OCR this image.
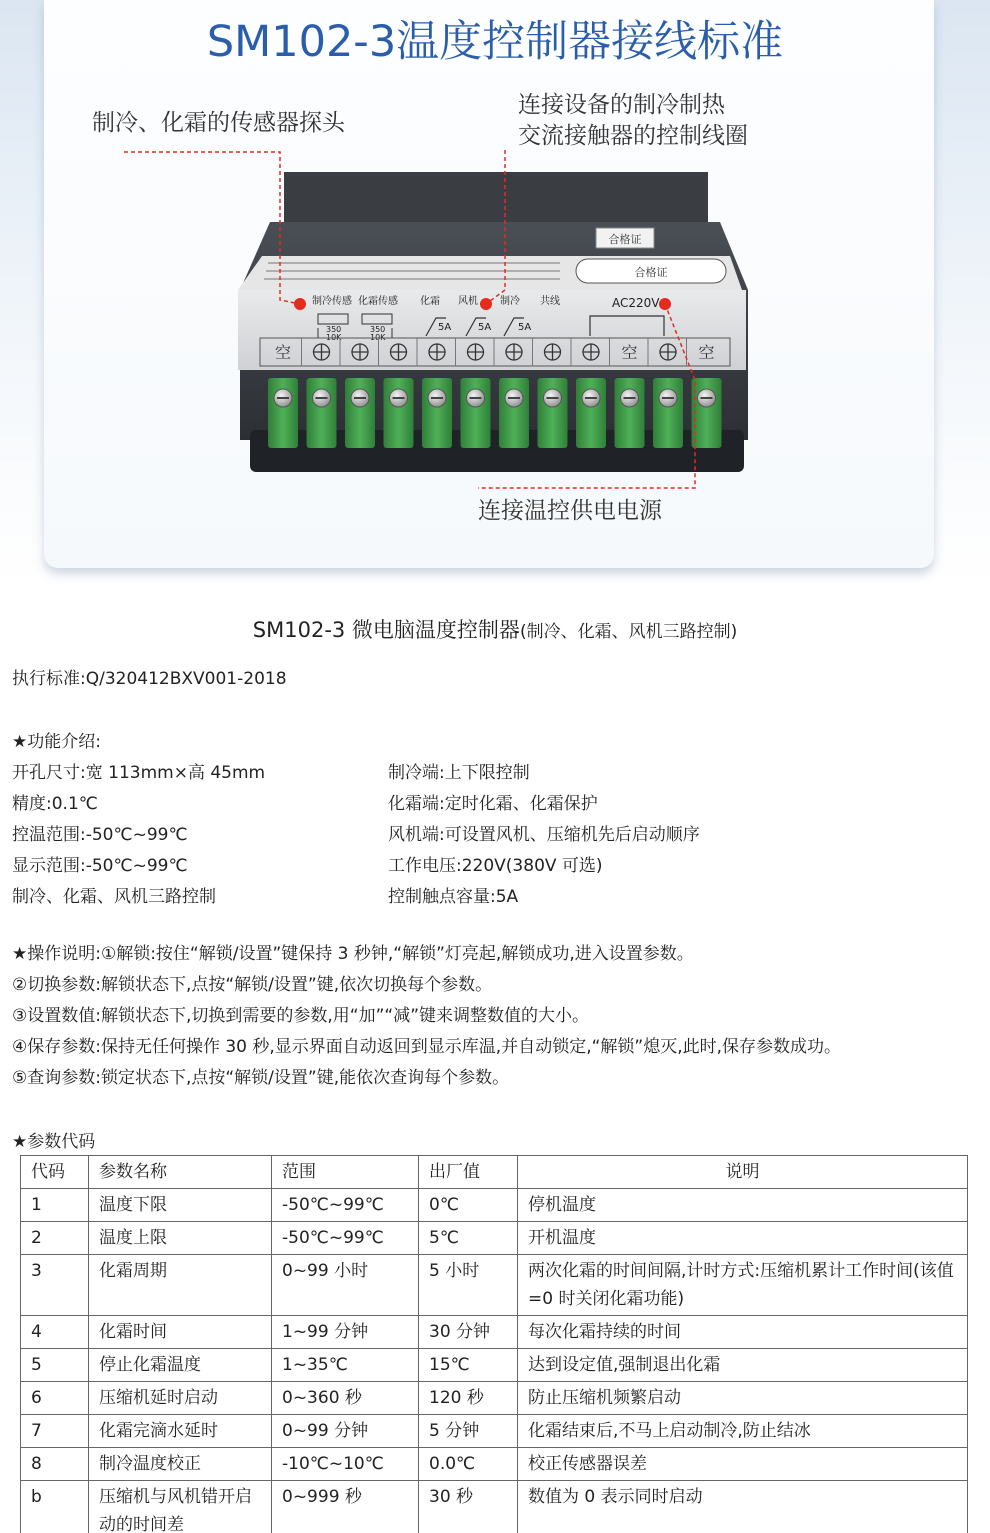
SM102-3温度控制器接线标准
制冷、化霜的传感器探头
连接设备的制冷制热
交流接触器的控制线圈
连接温控供电电源
合格证
合格证
制冷传感 化霜传感 化霜 风机 制冷 共线	AC220V
350
10K
350
10K
5A	5A	5A
空	空	空
SM102-3 微电脑温度控制器(制冷、化霜、风机三路控制)
执行标准:Q/320412BXV001-2018
★功能介绍:
开孔尺寸:宽 113mm×高 45mm
精度:0.1℃
控温范围:-50℃~99℃
显示范围:-50℃~99℃
制冷、化霜、风机三路控制
制冷端:上下限控制
化霜端:定时化霜、化霜保护
风机端:可设置风机、压缩机先后启动顺序
工作电压:220V(380V 可选)
控制触点容量:5A
★操作说明:①解锁:按住“解锁/设置”键保持 3 秒钟,“解锁”灯亮起,解锁成功,进入设置参数。
②切换参数:解锁状态下,点按“解锁/设置”键,依次切换每个参数。
③设置数值:解锁状态下,切换到需要的参数,用“加”“减”键来调整数值的大小。
④保存参数:保持无任何操作 30 秒,显示界面自动返回到显示库温,并自动锁定,“解锁”熄灭,此时,保存参数成功。
⑤查询参数:锁定状态下,点按“解锁/设置”键,能依次查询每个参数。
★参数代码
代码	参数名称	范围	出厂值	说明
1	温度下限	-50℃~99℃	0℃	停机温度
2	温度上限	-50℃~99℃	5℃	开机温度
3	化霜周期	0~99 小时	5 小时	两次化霜的时间间隔,计时方式:压缩机累计工作时间(该值=0 时关闭化霜功能)
4	化霜时间	1~99 分钟	30 分钟	每次化霜持续的时间
5	停止化霜温度	1~35℃	15℃	达到设定值,强制退出化霜
6	压缩机延时启动	0~360 秒	120 秒	防止压缩机频繁启动
7	化霜完滴水延时	0~99 分钟	5 分钟	化霜结束后,不马上启动制冷,防止结冰
8	制冷温度校正	-10℃~10℃	0.0℃	校正传感器误差
b	压缩机与风机错开启动的时间差	0~999 秒	30 秒	数值为 0 表示同时启动
